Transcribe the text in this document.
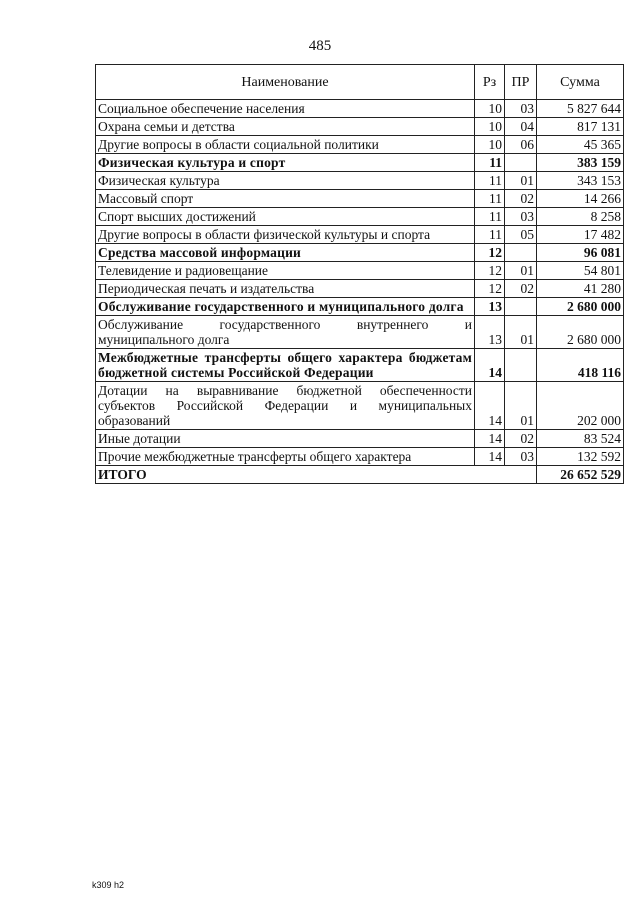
485
Наименование	Рз	ПР	Сумма
Социальное обеспечение населения	10	03	5 827 644
Охрана семьи и детства	10	04	817 131
Другие вопросы в области социальной политики	10	06	45 365
Физическая культура и спорт	11		383 159
Физическая культура	11	01	343 153
Массовый спорт	11	02	14 266
Спорт высших достижений	11	03	8 258
Другие вопросы в области физической культуры и спорта	11	05	17 482
Средства массовой информации	12		96 081
Телевидение и радиовещание	12	01	54 801
Периодическая печать и издательства	12	02	41 280
Обслуживание государственного и муниципального долга	13		2 680 000
Обслуживание государственного внутреннего и муниципального долга	13	01	2 680 000
Межбюджетные трансферты общего характера бюджетам бюджетной системы Российской Федерации	14		418 116
Дотации на выравнивание бюджетной обеспеченности субъектов Российской Федерации и муниципальных образований	14	01	202 000
Иные дотации	14	02	83 524
Прочие межбюджетные трансферты общего характера	14	03	132 592
ИТОГО			26 652 529
k309 h2
